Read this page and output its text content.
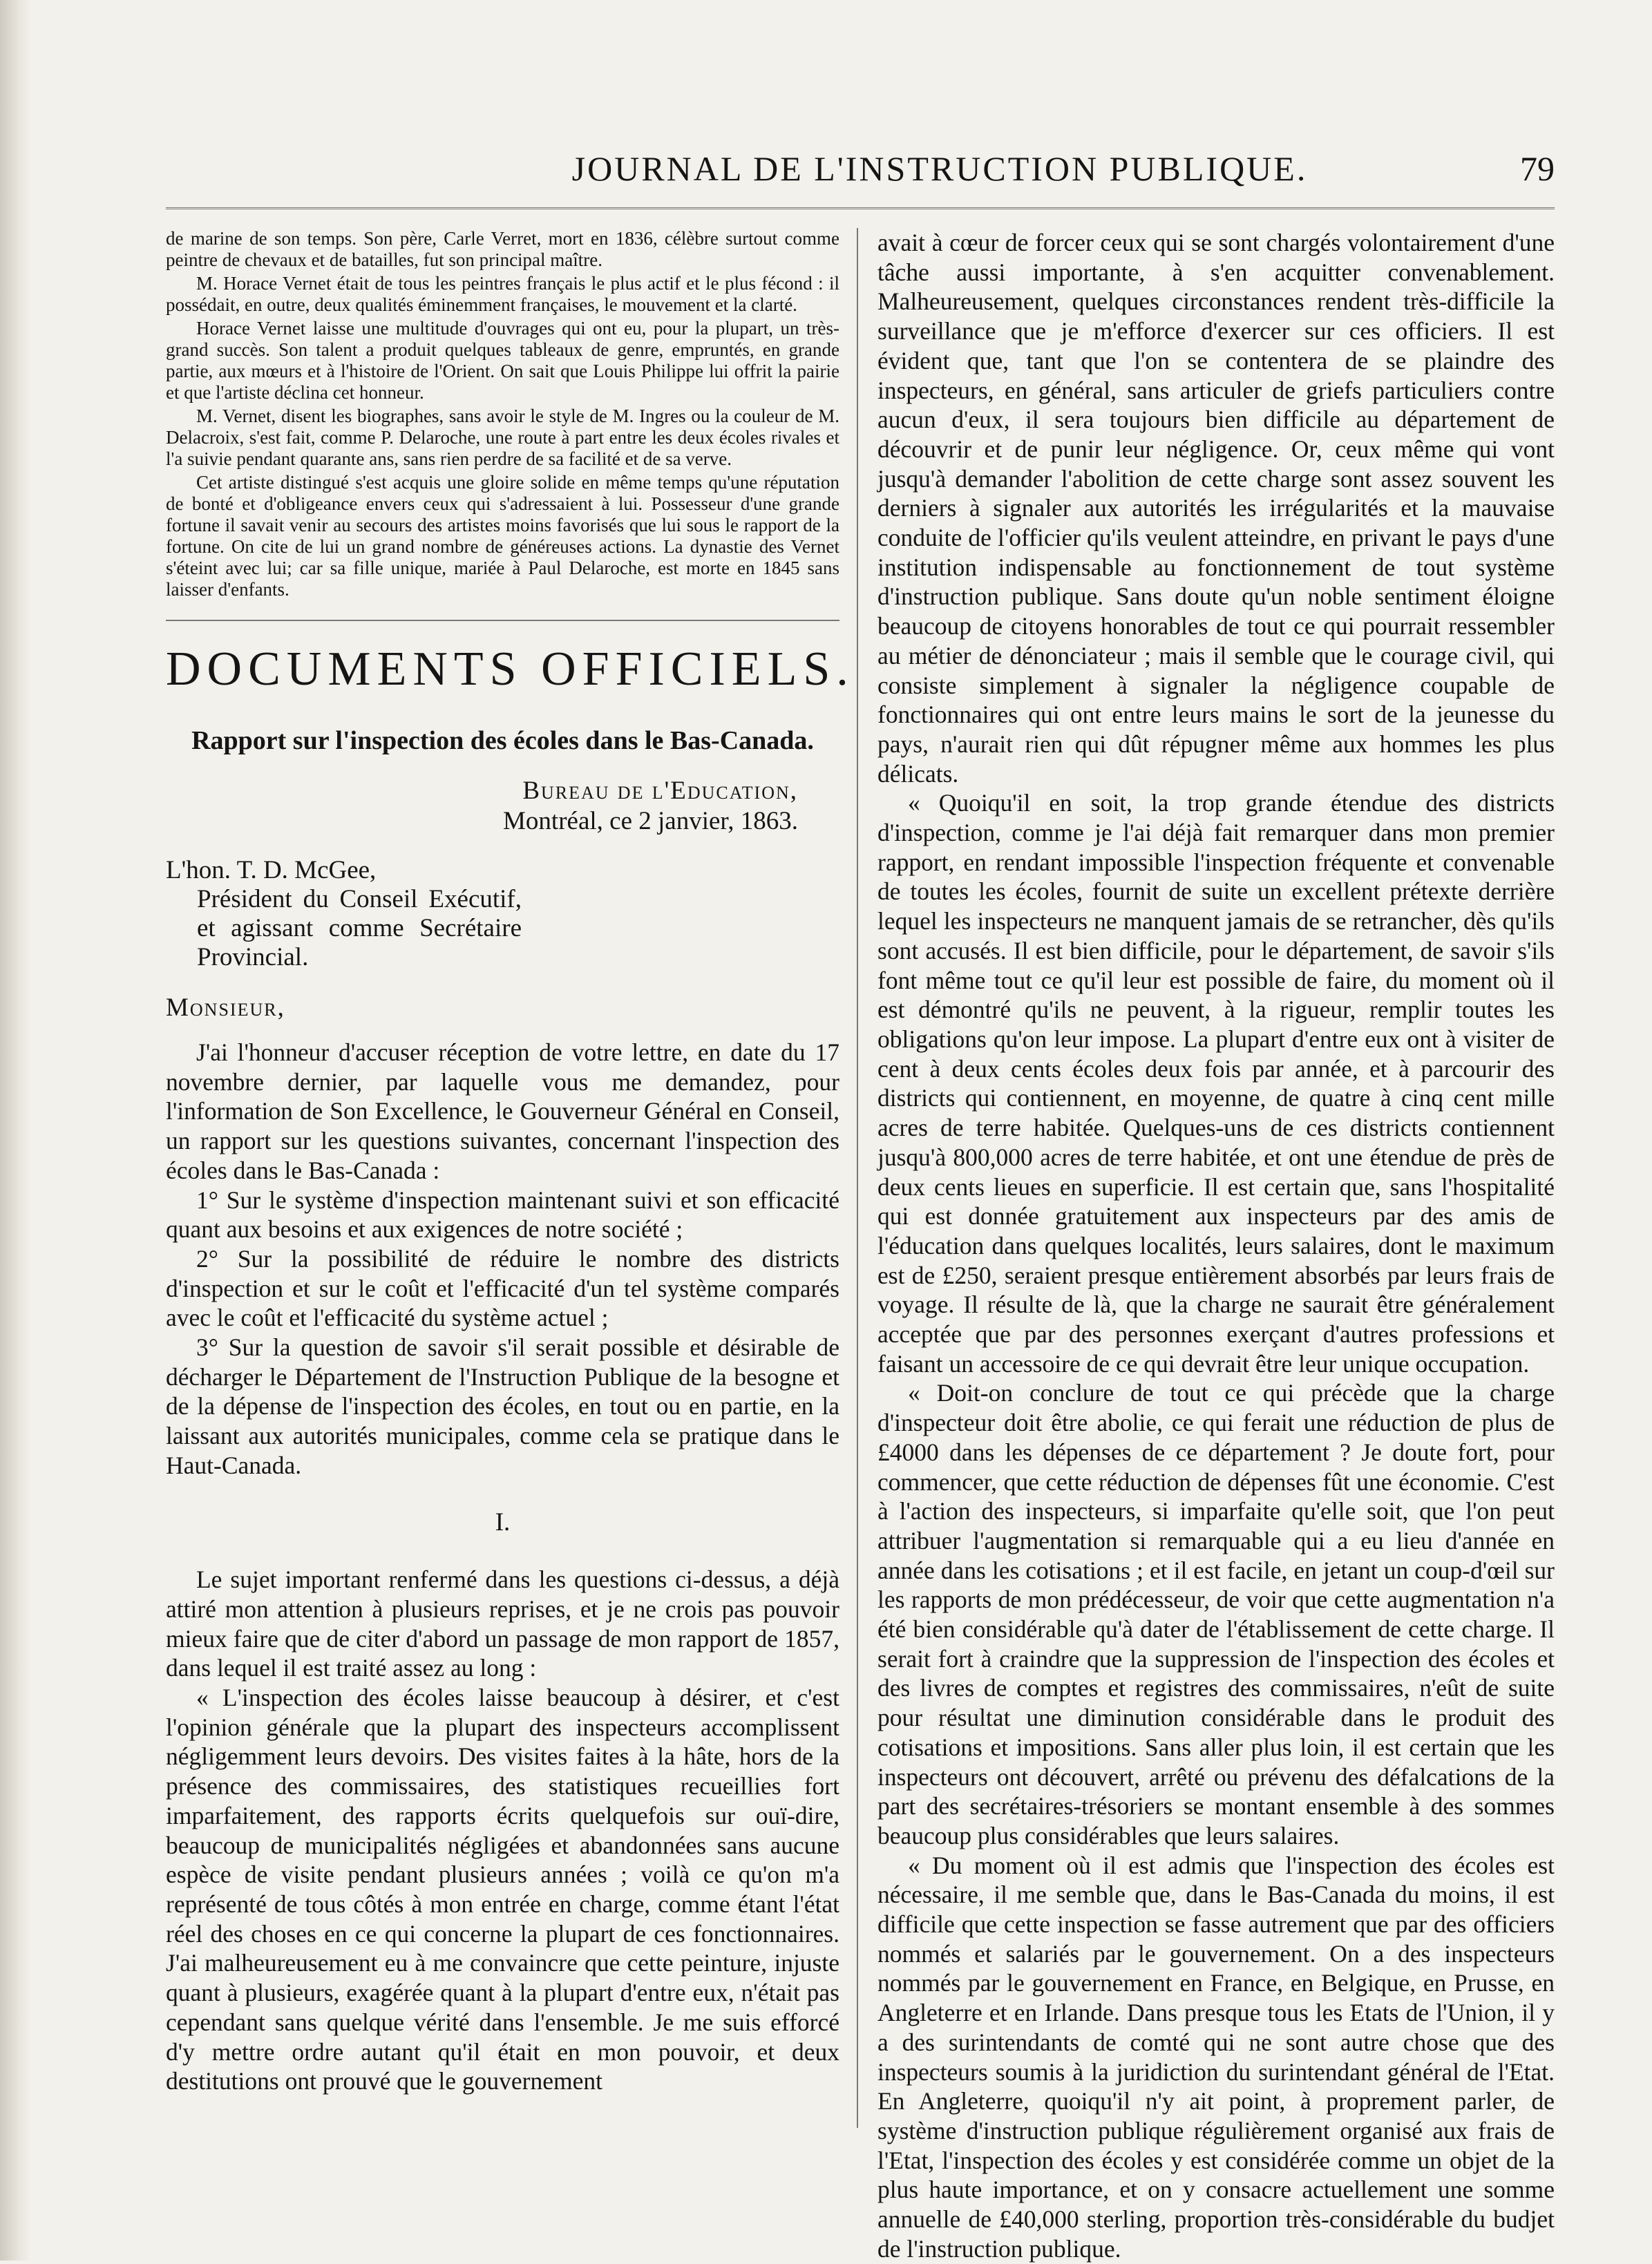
JOURNAL DE L'INSTRUCTION PUBLIQUE.	79

de marine de son temps. Son père, Carle Verret, mort en 1836, célèbre surtout comme peintre de chevaux et de batailles, fut son principal maître.

M. Horace Vernet était de tous les peintres français le plus actif et le plus fécond : il possédait, en outre, deux qualités éminemment françaises, le mouvement et la clarté.

Horace Vernet laisse une multitude d'ouvrages qui ont eu, pour la plupart, un très-grand succès. Son talent a produit quelques tableaux de genre, empruntés, en grande partie, aux mœurs et à l'histoire de l'Orient. On sait que Louis Philippe lui offrit la pairie et que l'artiste déclina cet honneur.

M. Vernet, disent les biographes, sans avoir le style de M. Ingres ou la couleur de M. Delacroix, s'est fait, comme P. Delaroche, une route à part entre les deux écoles rivales et l'a suivie pendant quarante ans, sans rien perdre de sa facilité et de sa verve.

Cet artiste distingué s'est acquis une gloire solide en même temps qu'une réputation de bonté et d'obligeance envers ceux qui s'adressaient à lui. Possesseur d'une grande fortune il savait venir au secours des artistes moins favorisés que lui sous le rapport de la fortune. On cite de lui un grand nombre de généreuses actions. La dynastie des Vernet s'éteint avec lui; car sa fille unique, mariée à Paul Delaroche, est morte en 1845 sans laisser d'enfants.

DOCUMENTS OFFICIELS.
Rapport sur l'inspection des écoles dans le Bas-Canada.
Bureau de l'Education,
Montréal, ce 2 janvier, 1863.
L'hon. T. D. McGee,
Président du Conseil Exécutif, et agissant comme Secrétaire Provincial.
Monsieur,

J'ai l'honneur d'accuser réception de votre lettre, en date du 17 novembre dernier, par laquelle vous me demandez, pour l'information de Son Excellence, le Gouverneur Général en Conseil, un rapport sur les questions suivantes, concernant l'inspection des écoles dans le Bas-Canada :

1° Sur le système d'inspection maintenant suivi et son efficacité quant aux besoins et aux exigences de notre société ;

2° Sur la possibilité de réduire le nombre des districts d'inspection et sur le coût et l'efficacité d'un tel système comparés avec le coût et l'efficacité du système actuel ;

3° Sur la question de savoir s'il serait possible et désirable de décharger le Département de l'Instruction Publique de la besogne et de la dépense de l'inspection des écoles, en tout ou en partie, en la laissant aux autorités municipales, comme cela se pratique dans le Haut-Canada.

I.

Le sujet important renfermé dans les questions ci-dessus, a déjà attiré mon attention à plusieurs reprises, et je ne crois pas pouvoir mieux faire que de citer d'abord un passage de mon rapport de 1857, dans lequel il est traité assez au long :

« L'inspection des écoles laisse beaucoup à désirer, et c'est l'opinion générale que la plupart des inspecteurs accomplissent négligemment leurs devoirs. Des visites faites à la hâte, hors de la présence des commissaires, des statistiques recueillies fort imparfaitement, des rapports écrits quelquefois sur ouï-dire, beaucoup de municipalités négligées et abandonnées sans aucune espèce de visite pendant plusieurs années ; voilà ce qu'on m'a représenté de tous côtés à mon entrée en charge, comme étant l'état réel des choses en ce qui concerne la plupart de ces fonctionnaires. J'ai malheureusement eu à me convaincre que cette peinture, injuste quant à plusieurs, exagérée quant à la plupart d'entre eux, n'était pas cependant sans quelque vérité dans l'ensemble. Je me suis efforcé d'y mettre ordre autant qu'il était en mon pouvoir, et deux destitutions ont prouvé que le gouvernement

avait à cœur de forcer ceux qui se sont chargés volontairement d'une tâche aussi importante, à s'en acquitter convenablement. Malheureusement, quelques circonstances rendent très-difficile la surveillance que je m'efforce d'exercer sur ces officiers. Il est évident que, tant que l'on se contentera de se plaindre des inspecteurs, en général, sans articuler de griefs particuliers contre aucun d'eux, il sera toujours bien difficile au département de découvrir et de punir leur négligence. Or, ceux même qui vont jusqu'à demander l'abolition de cette charge sont assez souvent les derniers à signaler aux autorités les irrégularités et la mauvaise conduite de l'officier qu'ils veulent atteindre, en privant le pays d'une institution indispensable au fonctionnement de tout système d'instruction publique. Sans doute qu'un noble sentiment éloigne beaucoup de citoyens honorables de tout ce qui pourrait ressembler au métier de dénonciateur ; mais il semble que le courage civil, qui consiste simplement à signaler la négligence coupable de fonctionnaires qui ont entre leurs mains le sort de la jeunesse du pays, n'aurait rien qui dût répugner même aux hommes les plus délicats.

« Quoiqu'il en soit, la trop grande étendue des districts d'inspection, comme je l'ai déjà fait remarquer dans mon premier rapport, en rendant impossible l'inspection fréquente et convenable de toutes les écoles, fournit de suite un excellent prétexte derrière lequel les inspecteurs ne manquent jamais de se retrancher, dès qu'ils sont accusés. Il est bien difficile, pour le département, de savoir s'ils font même tout ce qu'il leur est possible de faire, du moment où il est démontré qu'ils ne peuvent, à la rigueur, remplir toutes les obligations qu'on leur impose. La plupart d'entre eux ont à visiter de cent à deux cents écoles deux fois par année, et à parcourir des districts qui contiennent, en moyenne, de quatre à cinq cent mille acres de terre habitée. Quelques-uns de ces districts contiennent jusqu'à 800,000 acres de terre habitée, et ont une étendue de près de deux cents lieues en superficie. Il est certain que, sans l'hospitalité qui est donnée gratuitement aux inspecteurs par des amis de l'éducation dans quelques localités, leurs salaires, dont le maximum est de £250, seraient presque entièrement absorbés par leurs frais de voyage. Il résulte de là, que la charge ne saurait être généralement acceptée que par des personnes exerçant d'autres professions et faisant un accessoire de ce qui devrait être leur unique occupation.

« Doit-on conclure de tout ce qui précède que la charge d'inspecteur doit être abolie, ce qui ferait une réduction de plus de £4000 dans les dépenses de ce département ? Je doute fort, pour commencer, que cette réduction de dépenses fût une économie. C'est à l'action des inspecteurs, si imparfaite qu'elle soit, que l'on peut attribuer l'augmentation si remarquable qui a eu lieu d'année en année dans les cotisations ; et il est facile, en jetant un coup-d'œil sur les rapports de mon prédécesseur, de voir que cette augmentation n'a été bien considérable qu'à dater de l'établissement de cette charge. Il serait fort à craindre que la suppression de l'inspection des écoles et des livres de comptes et registres des commissaires, n'eût de suite pour résultat une diminution considérable dans le produit des cotisations et impositions. Sans aller plus loin, il est certain que les inspecteurs ont découvert, arrêté ou prévenu des défalcations de la part des secrétaires-trésoriers se montant ensemble à des sommes beaucoup plus considérables que leurs salaires.

« Du moment où il est admis que l'inspection des écoles est nécessaire, il me semble que, dans le Bas-Canada du moins, il est difficile que cette inspection se fasse autrement que par des officiers nommés et salariés par le gouvernement. On a des inspecteurs nommés par le gouvernement en France, en Belgique, en Prusse, en Angleterre et en Irlande. Dans presque tous les Etats de l'Union, il y a des surintendants de comté qui ne sont autre chose que des inspecteurs soumis à la juridiction du surintendant général de l'Etat. En Angleterre, quoiqu'il n'y ait point, à proprement parler, de système d'instruction publique régulièrement organisé aux frais de l'Etat, l'inspection des écoles y est considérée comme un objet de la plus haute importance, et on y consacre actuellement une somme annuelle de £40,000 sterling, proportion très-considérable du budjet de l'instruction publique.
